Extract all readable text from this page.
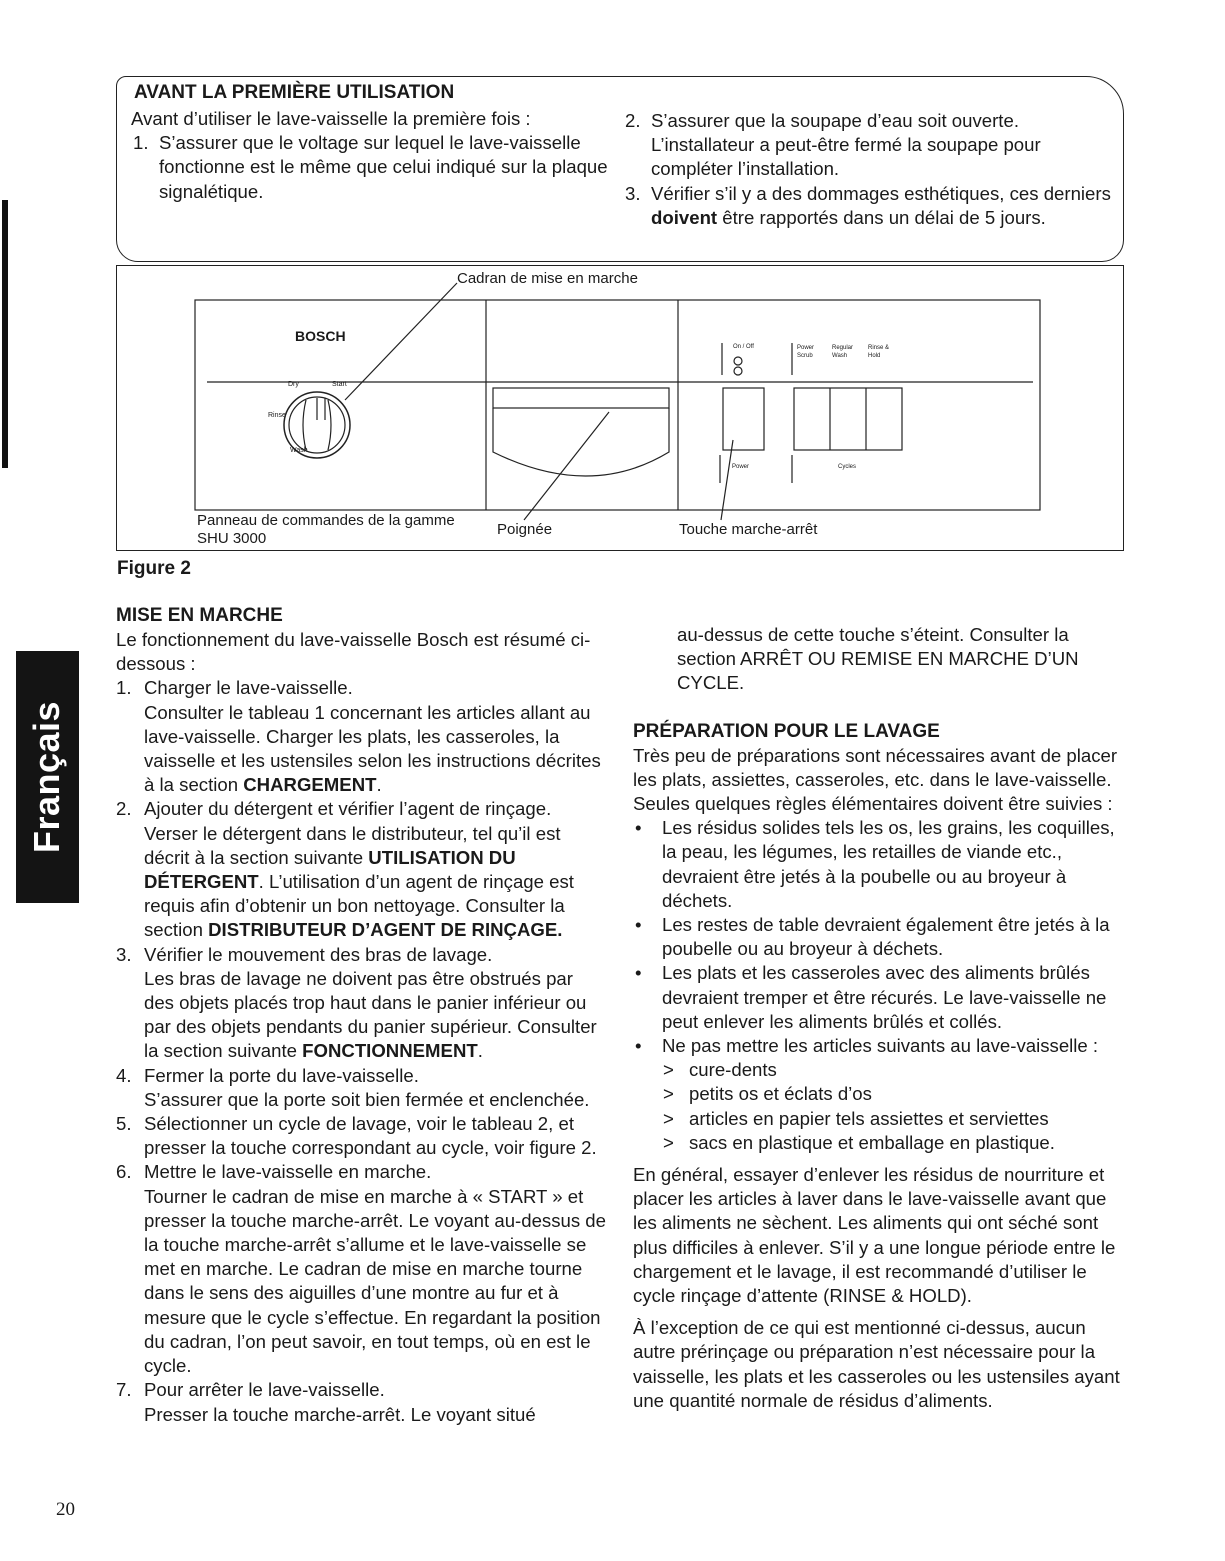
Français
AVANT LA PREMIÈRE UTILISATION

Avant d’utiliser le lave-vaisselle la première fois :

1. S’assurer que le voltage sur lequel le lave-vaisselle fonctionne est le même que celui indiqué sur la plaque signalétique.
2. S’assurer que la soupape d’eau soit ouverte. L’installateur a peut-être fermé la soupape pour compléter l’installation.
3. Vérifier s’il y a des dommages esthétiques, ces derniers doivent être rapportés dans un délai de 5 jours.
Cadran de mise en marche
BOSCH
Dry	Start
Rinse
Wash
On / Off	Power Scrub
Regular Wash
Rinse & Hold
Power	Cycles
Panneau de commandes de la gamme SHU 3000
Poignée	Touche marche-arrêt
Figure 2
MISE EN MARCHE

Le fonctionnement du lave-vaisselle Bosch est résumé ci-dessous :

1. Charger le lave-vaisselle.
Consulter le tableau 1 concernant les articles allant au lave-vaisselle. Charger les plats, les casseroles, la vaisselle et les ustensiles selon les instructions décrites à la section CHARGEMENT.
2. Ajouter du détergent et vérifier l’agent de rinçage.
Verser le détergent dans le distributeur, tel qu’il est décrit à la section suivante UTILISATION DU DÉTERGENT. L’utilisation d’un agent de rinçage est requis afin d’obtenir un bon nettoyage. Consulter la section DISTRIBUTEUR D’AGENT DE RINÇAGE.
3. Vérifier le mouvement des bras de lavage.
Les bras de lavage ne doivent pas être obstrués par des objets placés trop haut dans le panier inférieur ou par des objets pendants du panier supérieur. Consulter la section suivante FONCTIONNEMENT.
4. Fermer la porte du lave-vaisselle.
S’assurer que la porte soit bien fermée et enclenchée.
5. Sélectionner un cycle de lavage, voir le tableau 2, et presser la touche correspondant au cycle, voir figure 2.
6. Mettre le lave-vaisselle en marche.
Tourner le cadran de mise en marche à « START » et presser la touche marche-arrêt. Le voyant au-dessus de la touche marche-arrêt s’allume et le lave-vaisselle se met en marche. Le cadran de mise en marche tourne dans le sens des aiguilles d’une montre au fur et à mesure que le cycle s’effectue. En regardant la position du cadran, l’on peut savoir, en tout temps, où en est le cycle.
7. Pour arrêter le lave-vaisselle.
Presser la touche marche-arrêt. Le voyant situé

au-dessus de cette touche s’éteint. Consulter la section ARRÊT OU REMISE EN MARCHE D’UN CYCLE.

PRÉPARATION POUR LE LAVAGE

Très peu de préparations sont nécessaires avant de placer les plats, assiettes, casseroles, etc. dans le lave-vaisselle. Seules quelques règles élémentaires doivent être suivies :

• Les résidus solides tels les os, les grains, les coquilles, la peau, les légumes, les retailles de viande etc., devraient être jetés à la poubelle ou au broyeur à déchets.
• Les restes de table devraient également être jetés à la poubelle ou au broyeur à déchets.
• Les plats et les casseroles avec des aliments brûlés devraient tremper et être récurés. Le lave-vaisselle ne peut enlever les aliments brûlés et collés.
• Ne pas mettre les articles suivants au lave-vaisselle :
> cure-dents
> petits os et éclats d’os
> articles en papier tels assiettes et serviettes
> sacs en plastique et emballage en plastique.

En général, essayer d’enlever les résidus de nourriture et placer les articles à laver dans le lave-vaisselle avant que les aliments ne sèchent. Les aliments qui ont séché sont plus difficiles à enlever. S’il y a une longue période entre le chargement et le lavage, il est recommandé d’utiliser le cycle rinçage d’attente (RINSE & HOLD).

À l’exception de ce qui est mentionné ci-dessus, aucun autre prérinçage ou préparation n’est nécessaire pour la vaisselle, les plats et les casseroles ou les ustensiles ayant une quantité normale de résidus d’aliments.

20
